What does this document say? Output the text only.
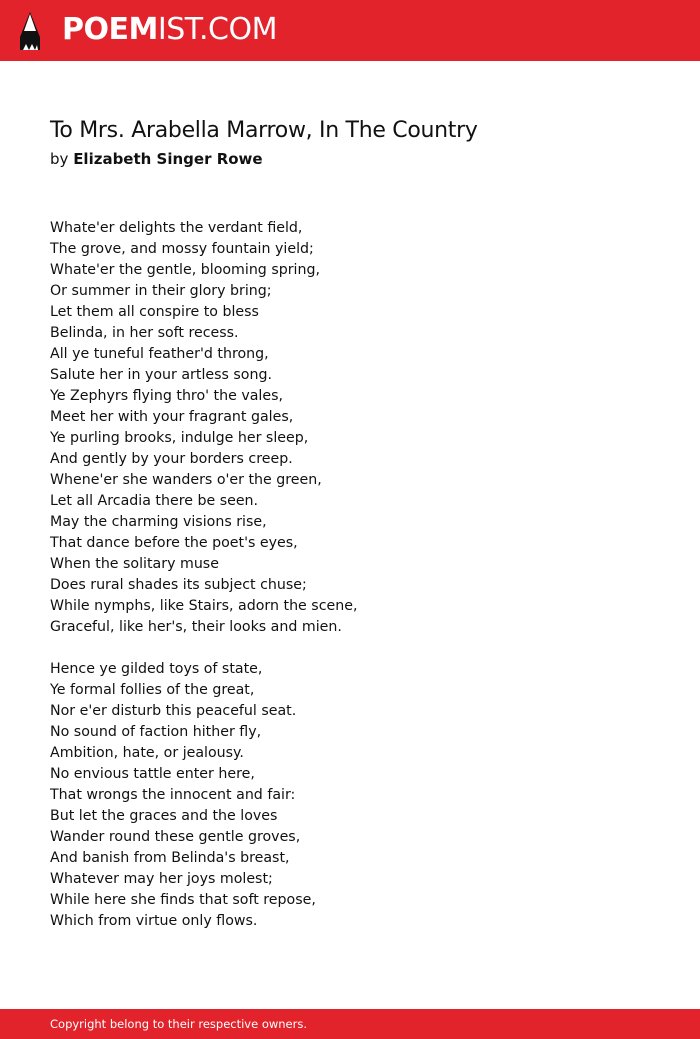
POEMIST.COM
To Mrs. Arabella Marrow, In The Country
by Elizabeth Singer Rowe
Whate'er delights the verdant field,
The grove, and mossy fountain yield;
Whate'er the gentle, blooming spring,
Or summer in their glory bring;
Let them all conspire to bless
Belinda, in her soft recess.
All ye tuneful feather'd throng,
Salute her in your artless song.
Ye Zephyrs flying thro' the vales,
Meet her with your fragrant gales,
Ye purling brooks, indulge her sleep,
And gently by your borders creep.
Whene'er she wanders o'er the green,
Let all Arcadia there be seen.
May the charming visions rise,
That dance before the poet's eyes,
When the solitary muse
Does rural shades its subject chuse;
While nymphs, like Stairs, adorn the scene,
Graceful, like her's, their looks and mien.
Hence ye gilded toys of state,
Ye formal follies of the great,
Nor e'er disturb this peaceful seat.
No sound of faction hither fly,
Ambition, hate, or jealousy.
No envious tattle enter here,
That wrongs the innocent and fair:
But let the graces and the loves
Wander round these gentle groves,
And banish from Belinda's breast,
Whatever may her joys molest;
While here she finds that soft repose,
Which from virtue only flows.
Copyright belong to their respective owners.
